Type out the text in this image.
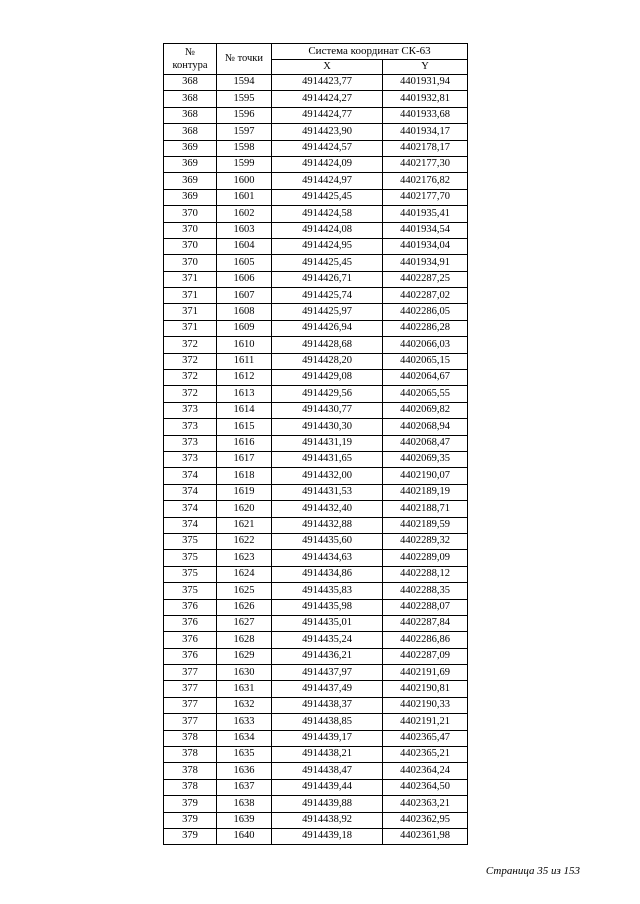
№
контура	№ точки	Система координат СК-63	
		X	Y
368	1594	4914423,77	4401931,94
368	1595	4914424,27	4401932,81
368	1596	4914424,77	4401933,68
368	1597	4914423,90	4401934,17
369	1598	4914424,57	4402178,17
369	1599	4914424,09	4402177,30
369	1600	4914424,97	4402176,82
369	1601	4914425,45	4402177,70
370	1602	4914424,58	4401935,41
370	1603	4914424,08	4401934,54
370	1604	4914424,95	4401934,04
370	1605	4914425,45	4401934,91
371	1606	4914426,71	4402287,25
371	1607	4914425,74	4402287,02
371	1608	4914425,97	4402286,05
371	1609	4914426,94	4402286,28
372	1610	4914428,68	4402066,03
372	1611	4914428,20	4402065,15
372	1612	4914429,08	4402064,67
372	1613	4914429,56	4402065,55
373	1614	4914430,77	4402069,82
373	1615	4914430,30	4402068,94
373	1616	4914431,19	4402068,47
373	1617	4914431,65	4402069,35
374	1618	4914432,00	4402190,07
374	1619	4914431,53	4402189,19
374	1620	4914432,40	4402188,71
374	1621	4914432,88	4402189,59
375	1622	4914435,60	4402289,32
375	1623	4914434,63	4402289,09
375	1624	4914434,86	4402288,12
375	1625	4914435,83	4402288,35
376	1626	4914435,98	4402288,07
376	1627	4914435,01	4402287,84
376	1628	4914435,24	4402286,86
376	1629	4914436,21	4402287,09
377	1630	4914437,97	4402191,69
377	1631	4914437,49	4402190,81
377	1632	4914438,37	4402190,33
377	1633	4914438,85	4402191,21
378	1634	4914439,17	4402365,47
378	1635	4914438,21	4402365,21
378	1636	4914438,47	4402364,24
378	1637	4914439,44	4402364,50
379	1638	4914439,88	4402363,21
379	1639	4914438,92	4402362,95
379	1640	4914439,18	4402361,98
Страница 35 из 153
